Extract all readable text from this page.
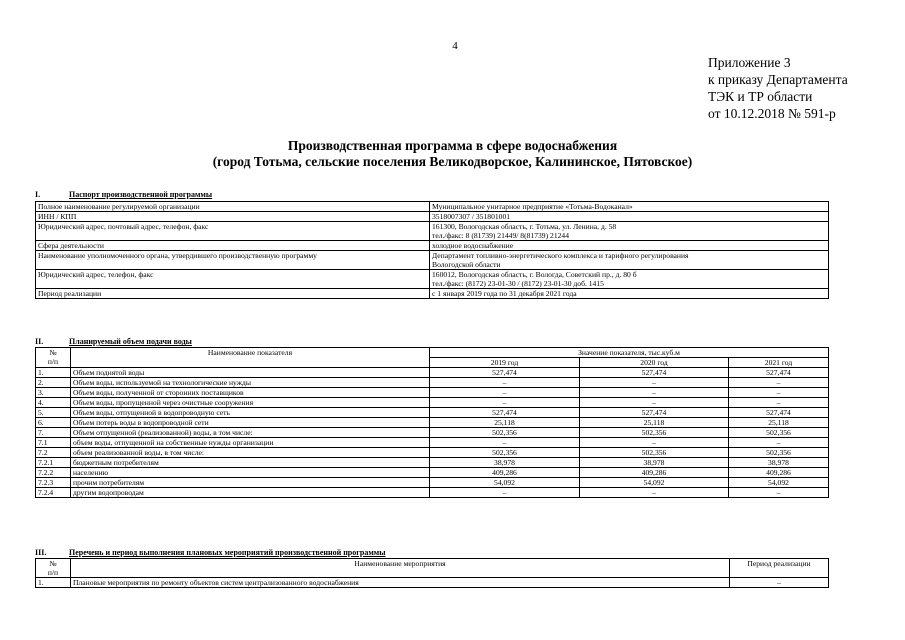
4
Приложение 3
к приказу Департамента
ТЭК и ТР области
от 10.12.2018 № 591-р
Производственная программа в сфере водоснабжения
(город Тотьма, сельские поселения Великодворское, Калининское, Пятовское)
I.	Паспорт производственной программы
Полное наименование регулируемой организации	Муниципальное унитарное предприятие «Тотьма-Водоканал»
ИНН / КПП	3518007307 / 351801001
Юридический адрес, почтовый адрес, телефон, факс	161300, Вологодская область, г. Тотьма, ул. Ленина, д. 58
тел./факс: 8 (81739) 21449/ 8(81739) 21244

Сфера деятельности	холодное водоснабжение
Наименование уполномоченного органа, утвердившего производственную программу	Департамент топливно-энергетического комплекса и тарифного регулирования
Вологодской области

Юридический адрес, телефон, факс	160012, Вологодская область, г. Вологда, Советский пр., д. 80 б
тел./факс: (8172) 23-01-30 / (8172) 23-01-30 доб. 1415

Период реализации	с 1 января 2019 года по 31 декабря 2021 года
II.	Планируемый объем подачи воды
№
п/п	Наименование показателя	Значение показателя, тыс.куб.м		
		2019 год	2020 год	2021 год
1.	Объем поднятой воды	527,474	527,474	527,474
2.	Объем воды, используемой на технологические нужды	–	–	–
3.	Объем воды, полученной от сторонних поставщиков	–	–	–
4.	Объем воды, пропущенной через очистные сооружения	–	–	–
5.	Объем воды, отпущенной в водопроводную сеть	527,474	527,474	527,474
6.	Объем потерь воды в водопроводной сети	25,118	25,118	25,118
7.	Объем отпущенной (реализованной) воды, в том числе:	502,356	502,356	502,356
7.1	объем воды, отпущенной на собственные нужды организации	–	–	–
7.2	объем реализованной воды, в том числе:	502,356	502,356	502,356
7.2.1	бюджетным потребителям	38,978	38,978	38,978
7.2.2	населению	409,286	409,286	409,286
7.2.3	прочим потребителям	54,092	54,092	54,092
7.2.4	другим водопроводам	–	–	–
III.	Перечень и период выполнения плановых мероприятий производственной программы
№
п/п	Наименование мероприятия	Период реализации
1.	Плановые мероприятия по ремонту объектов систем централизованного водоснабжения	–
